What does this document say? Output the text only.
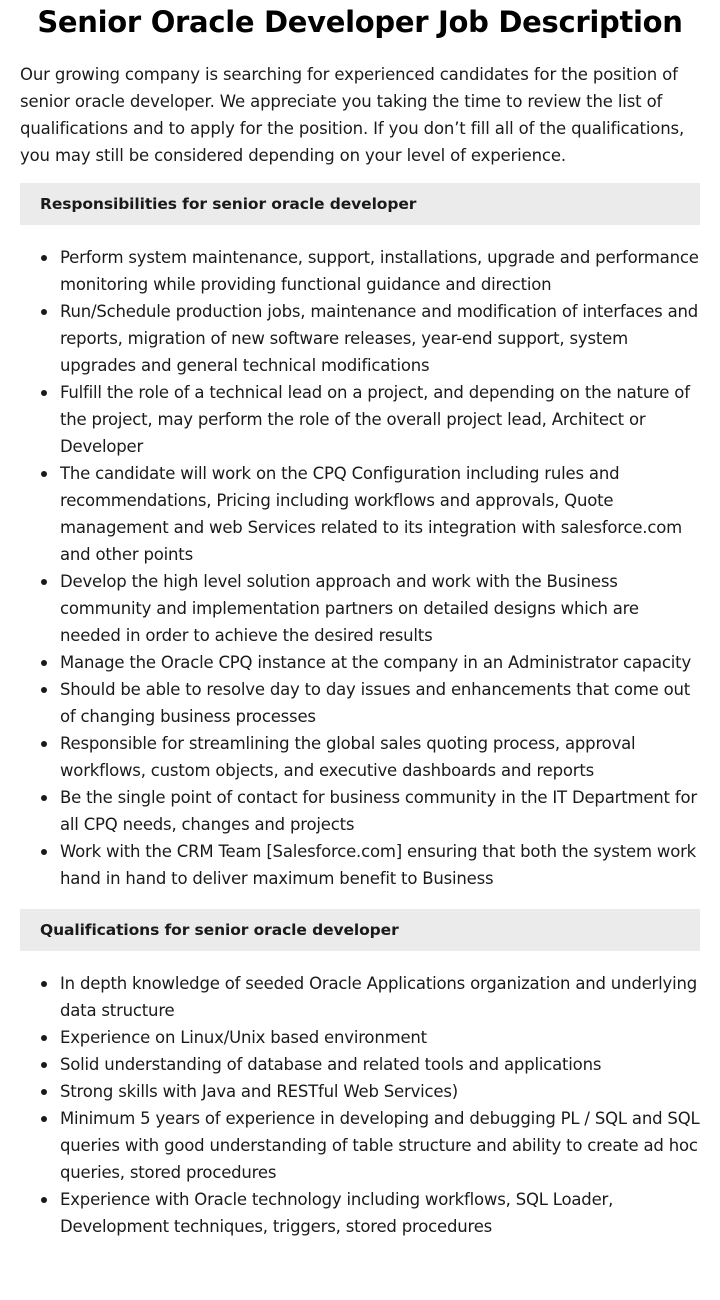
Senior Oracle Developer Job Description

Our growing company is searching for experienced candidates for the position of senior oracle developer. We appreciate you taking the time to review the list of qualifications and to apply for the position. If you don’t fill all of the qualifications, you may still be considered depending on your level of experience.

Responsibilities for senior oracle developer
Perform system maintenance, support, installations, upgrade and performance monitoring while providing functional guidance and direction
Run/Schedule production jobs, maintenance and modification of interfaces and reports, migration of new software releases, year-end support, system upgrades and general technical modifications
Fulfill the role of a technical lead on a project, and depending on the nature of the project, may perform the role of the overall project lead, Architect or Developer
The candidate will work on the CPQ Configuration including rules and recommendations, Pricing including workflows and approvals, Quote management and web Services related to its integration with salesforce.com and other points
Develop the high level solution approach and work with the Business community and implementation partners on detailed designs which are needed in order to achieve the desired results
Manage the Oracle CPQ instance at the company in an Administrator capacity
Should be able to resolve day to day issues and enhancements that come out of changing business processes
Responsible for streamlining the global sales quoting process, approval workflows, custom objects, and executive dashboards and reports
Be the single point of contact for business community in the IT Department for all CPQ needs, changes and projects
Work with the CRM Team [Salesforce.com] ensuring that both the system work hand in hand to deliver maximum benefit to Business
Qualifications for senior oracle developer
In depth knowledge of seeded Oracle Applications organization and underlying data structure
Experience on Linux/Unix based environment
Solid understanding of database and related tools and applications
Strong skills with Java and RESTful Web Services)
Minimum 5 years of experience in developing and debugging PL / SQL and SQL queries with good understanding of table structure and ability to create ad hoc queries, stored procedures
Experience with Oracle technology including workflows, SQL Loader, Development techniques, triggers, stored procedures
